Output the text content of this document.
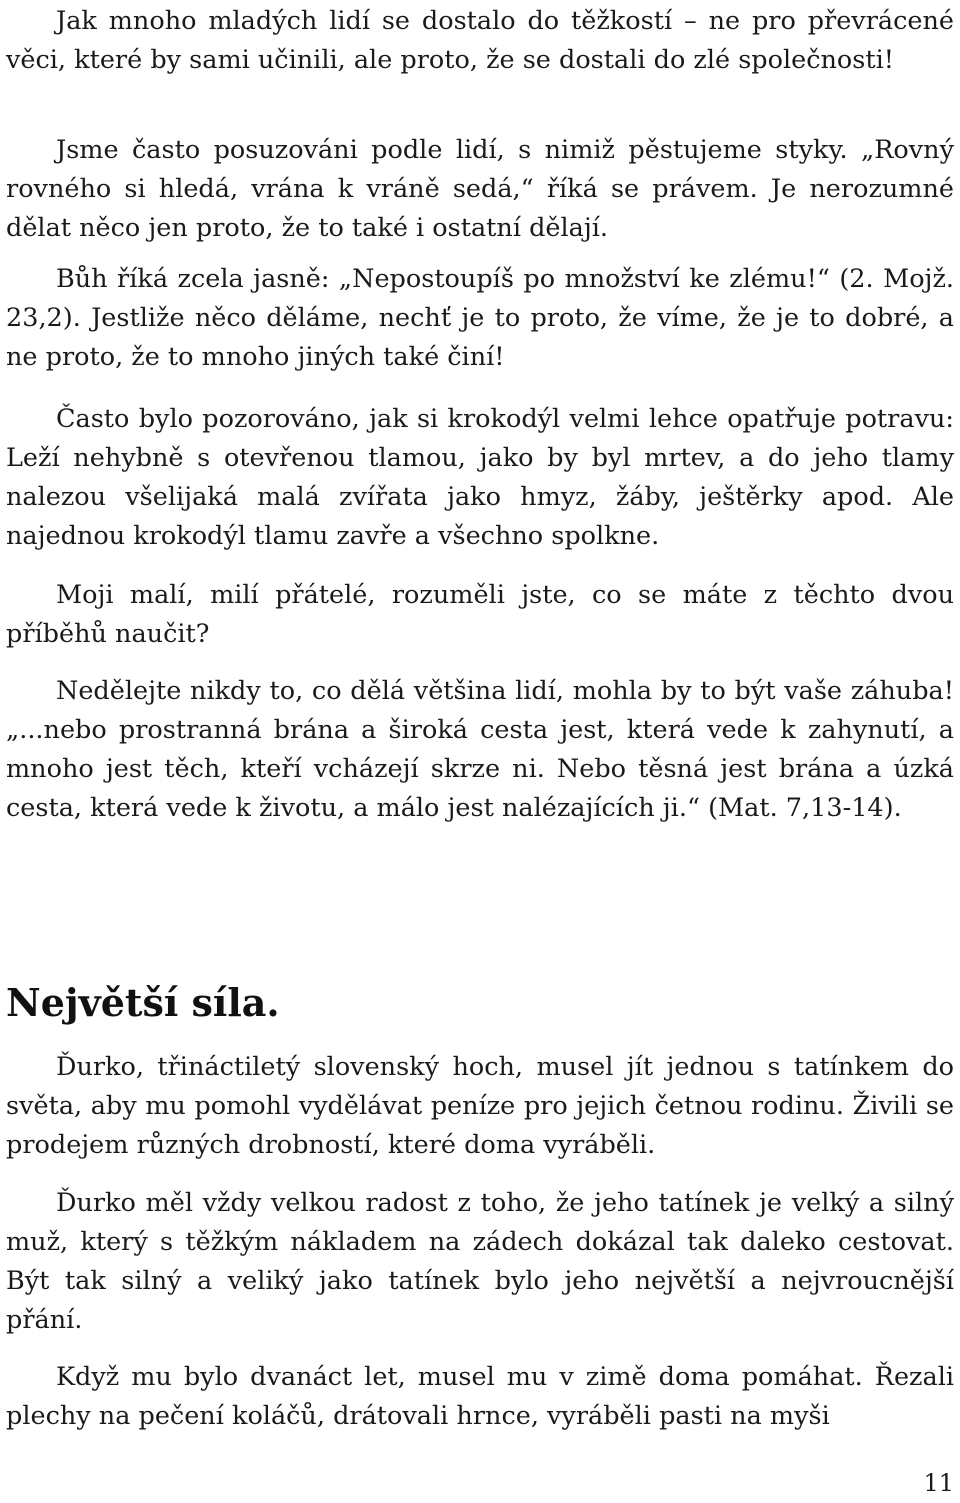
Jak mnoho mladých lidí se dostalo do těžkostí – ne pro převrácené věci, které by sami učinili, ale proto, že se dostali do zlé společnosti!

Jsme často posuzováni podle lidí, s nimiž pěstujeme styky. „Rovný rovného si hledá, vrána k vráně sedá,“ říká se právem. Je nerozumné dělat něco jen proto, že to také i ostatní dělají.

Bůh říká zcela jasně: „Nepostoupíš po množství ke zlému!“ (2. Mojž. 23,2). Jestliže něco děláme, nechť je to proto, že víme, že je to dobré, a ne proto, že to mnoho jiných také činí!

Často bylo pozorováno, jak si krokodýl velmi lehce opatřuje potravu: Leží nehybně s otevřenou tlamou, jako by byl mrtev, a do jeho tlamy nalezou všelijaká malá zvířata jako hmyz, žáby, ještěrky apod. Ale najednou krokodýl tlamu zavře a všechno spolkne.

Moji malí, milí přátelé, rozuměli jste, co se máte z těchto dvou příběhů naučit?

Nedělejte nikdy to, co dělá většina lidí, mohla by to být vaše záhuba! „...nebo prostranná brána a široká cesta jest, která vede k zahynutí, a mnoho jest těch, kteří vcházejí skrze ni. Nebo těsná jest brána a úzká cesta, která vede k životu, a málo jest nalézajících ji.“ (Mat. 7,13-14).

Největší síla.

Ďurko, třináctiletý slovenský hoch, musel jít jednou s tatínkem do světa, aby mu pomohl vydělávat peníze pro jejich četnou rodinu. Živili se prodejem různých drobností, které doma vyráběli.

Ďurko měl vždy velkou radost z toho, že jeho tatínek je velký a silný muž, který s těžkým nákladem na zádech dokázal tak daleko cestovat. Být tak silný a veliký jako tatínek bylo jeho největší a nejvroucnější přání.

Když mu bylo dvanáct let, musel mu v zimě doma pomáhat. Řezali plechy na pečení koláčů, drátovali hrnce, vyráběli pasti na myši

11
